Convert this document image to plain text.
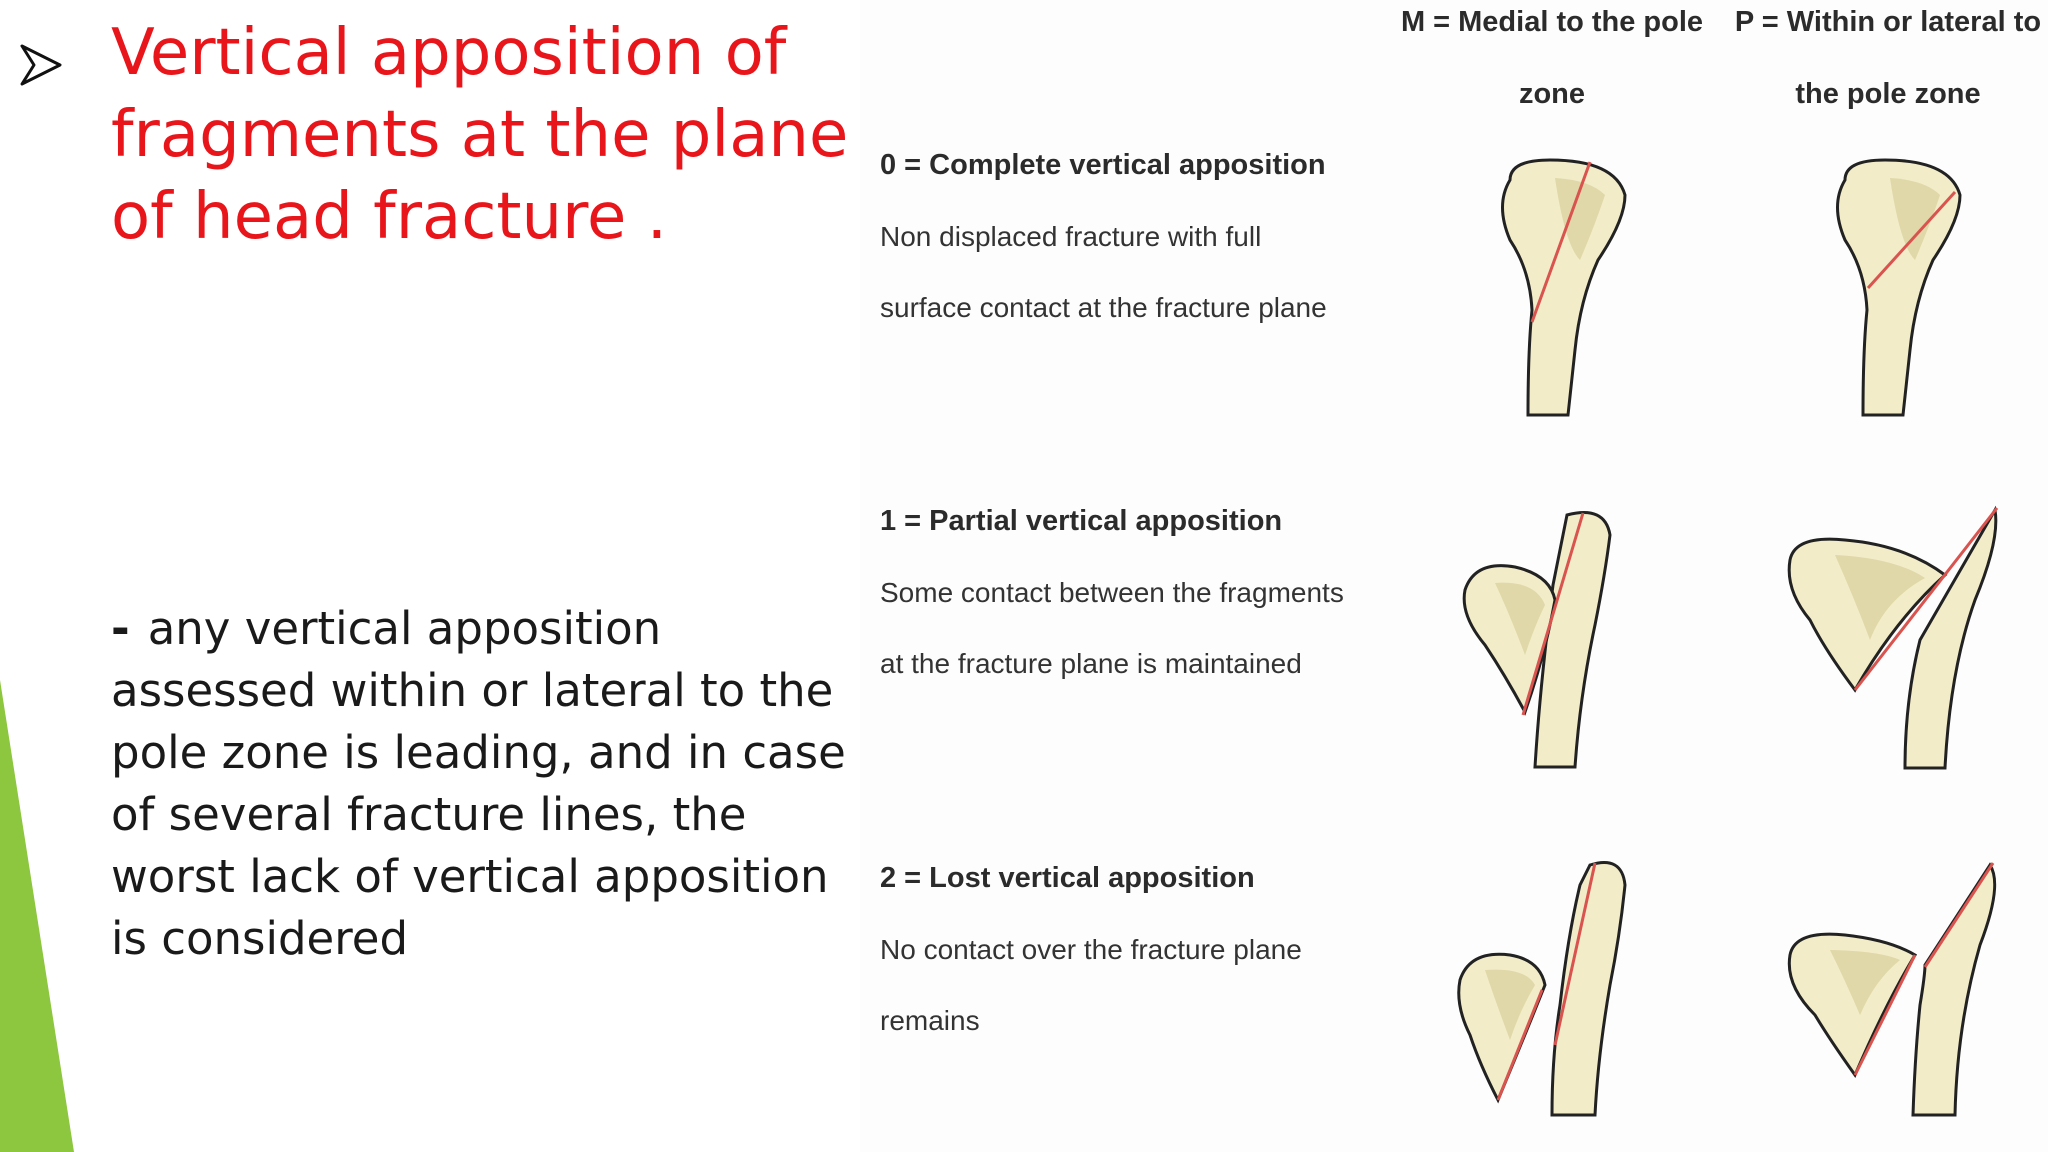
Vertical apposition of fragments at the plane of head fracture .
- any vertical apposition assessed within or lateral to the pole zone is leading, and in case of several fracture lines, the worst lack of vertical apposition is considered
M = Medial to the pole zone
P = Within or lateral to the pole zone
0 = Complete vertical apposition
Non displaced fracture with full surface contact at the fracture plane
1 = Partial vertical apposition
Some contact between the fragments at the fracture plane is maintained
2 = Lost vertical apposition
No contact over the fracture plane remains
